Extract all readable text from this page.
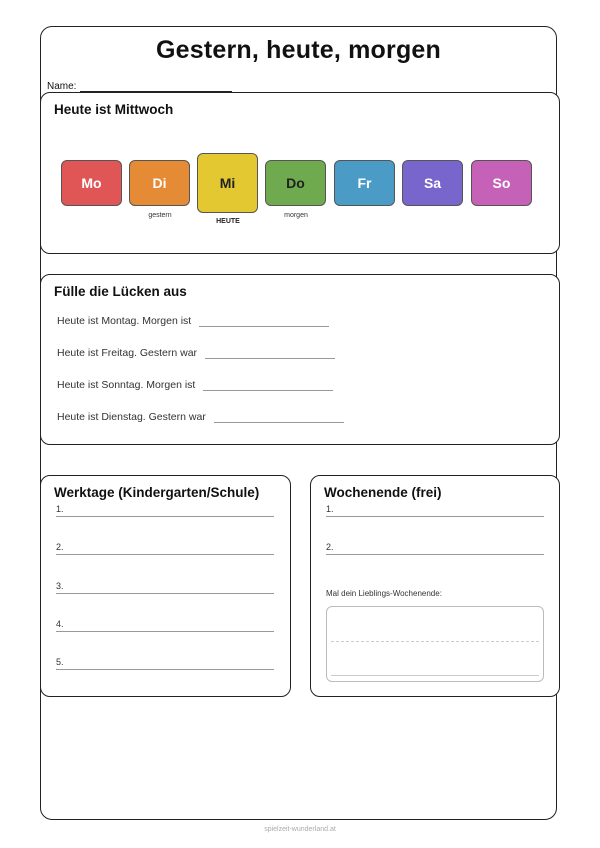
Gestern, heute, morgen
Name:
Heute ist Mittwoch
Mo	Di	Mi	Do	Fr	Sa	So
gestern
HEUTE
morgen
Fülle die Lücken aus
Heute ist Montag. Morgen ist
Heute ist Freitag. Gestern war
Heute ist Sonntag. Morgen ist
Heute ist Dienstag. Gestern war
Werktage (Kindergarten/Schule)
1.
2.
3.
4.
5.
Wochenende (frei)
1.
2.
Mal dein Lieblings-Wochenende:
spielzeit-wunderland.at
